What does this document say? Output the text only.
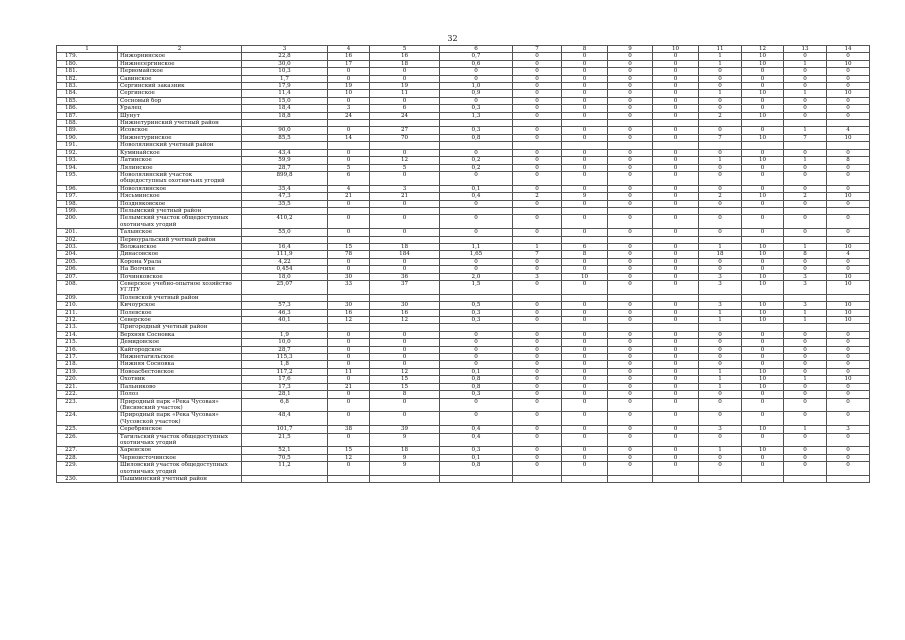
32
1	2	3	4	5	6	7	8	9	10	11	12	13	14
179.	Нижорнинское	22,8	16	16	0,7	0	0	0	0	1	10	0	0
180.	Нижнесергинское	30,0	17	18	0,6	0	0	0	0	1	10	1	10
181.	Первомайское	10,3	0	0	0	0	0	0	0	0	0	0	0
182.	Савинское	1,7	0	0	0	0	0	0	0	0	0	0	0
183.	Сергинский заказник	17,9	19	19	1,0	0	0	0	0	0	0	0	0
184.	Сергинское	11,4	10	11	0,9	0	0	0	0	1	10	1	10
185.	Сосновый бор	15,0	0	0	0	0	0	0	0	0	0	0	0
186.	Уралец	18,4	3	6	0,3	0	0	0	0	0	0	0	0
187.	Шунут	18,8	24	24	1,3	0	0	0	0	2	10	0	0
188.	Нижнетуринский учетный район												
189.	Исовское	90,0	0	27	0,3	0	0	0	0	0	0	1	4
190.	Нижнетуринское	85,5	14	70	0,8	0	0	0	0	7	10	7	10
191.	Новолялинский учетный район												
192.	Куминайское	43,4	0	0	0	0	0	0	0	0	0	0	0
193.	Латинское	59,9	0	12	0,2	0	0	0	0	1	10	1	8
194.	Лялинское	28,7	5	5	0,2	0	0	0	0	0	0	0	0
195.	Новолялинский участок общедоступных охотничьих угодий	899,8	6	0	0	0	0	0	0	0	0	0	0
196.	Новолялинское	35,4	4	3	0,1	0	0	0	0	0	0	0	0
197.	Нясьминское	47,3	21	21	0,4	2	9	0	0	2	10	2	10
198.	Поздняковское	35,5	0	0	0	0	0	0	0	0	0	0	0
199.	Пелымский учетный район												
200.	Пелымский участок общедоступных охотничьих угодий	410,2	0	0	0	0	0	0	0	0	0	0	0
201.	Талынское	55,0	0	0	0	0	0	0	0	0	0	0	0
202.	Первоуральский учетный район												
203.	Волжанское	16,4	15	18	1,1	1	6	0	0	1	10	1	10
204.	Динасовское	111,9	78	184	1,65	7	8	0	0	18	10	8	4
205.	Корона Урала	4,22	0	0	0	0	0	0	0	0	0	0	0
206.	На Волчихе	0,454	0	0	0	0	0	0	0	0	0	0	0
207.	Починковское	18,0	30	36	2,0	3	10	0	0	3	10	3	10
208.	Северское учебно-опытное хозяйство УГЛТУ	25,07	33	37	1,5	0	0	0	0	3	10	3	10
209.	Полевской учетный район												
210.	Кичоурское	57,3	30	30	0,5	0	0	0	0	3	10	3	10
211.	Полевское	46,3	16	16	0,3	0	0	0	0	1	10	1	10
212.	Северское	40,1	12	12	0,3	0	0	0	0	1	10	1	10
213.	Пригородный учетный район												
214.	Верхняя Сосновка	1,9	0	0	0	0	0	0	0	0	0	0	0
215.	Демидовское	10,0	0	0	0	0	0	0	0	0	0	0	0
216.	Кайгородское	28,7	0	0	0	0	0	0	0	0	0	0	0
217.	Нижнетагильское	115,3	0	0	0	0	0	0	0	0	0	0	0
218.	Нижняя Сосновка	1,8	0	0	0	0	0	0	0	0	0	0	0
219.	Новоасбестовское	117,2	11	12	0,1	0	0	0	0	1	10	0	0
220.	Охотник	17,6	0	15	0,8	0	0	0	0	1	10	1	10
221.	Пальниково	17,3	21	15	0,8	0	0	0	0	1	10	0	0
222.	Полоз	28,1	0	8	0,3	0	0	0	0	0	0	0	0
223.	Природный парк «Река Чусовая» (Висимский участок)	6,8	0	0	0	0	0	0	0	0	0	0	0
224.	Природный парк «Река Чусовая» (Чусовской участок)	48,4	0	0	0	0	0	0	0	0	0	0	0
225.	Серебрянское	101,7	38	39	0,4	0	0	0	0	3	10	1	3
226.	Тагильский участок общедоступных охотничьих угодий	21,5	0	9	0,4	0	0	0	0	0	0	0	0
227.	Харенское	52,1	15	18	0,3	0	0	0	0	1	10	0	0
228.	Черноисточинское	70,5	12	9	0,1	0	0	0	0	0	0	0	0
229.	Шиловский участок общедоступных охотничьих угодий	11,2	0	9	0,8	0	0	0	0	0	0	0	0
230.	Пышминский учетный район												
